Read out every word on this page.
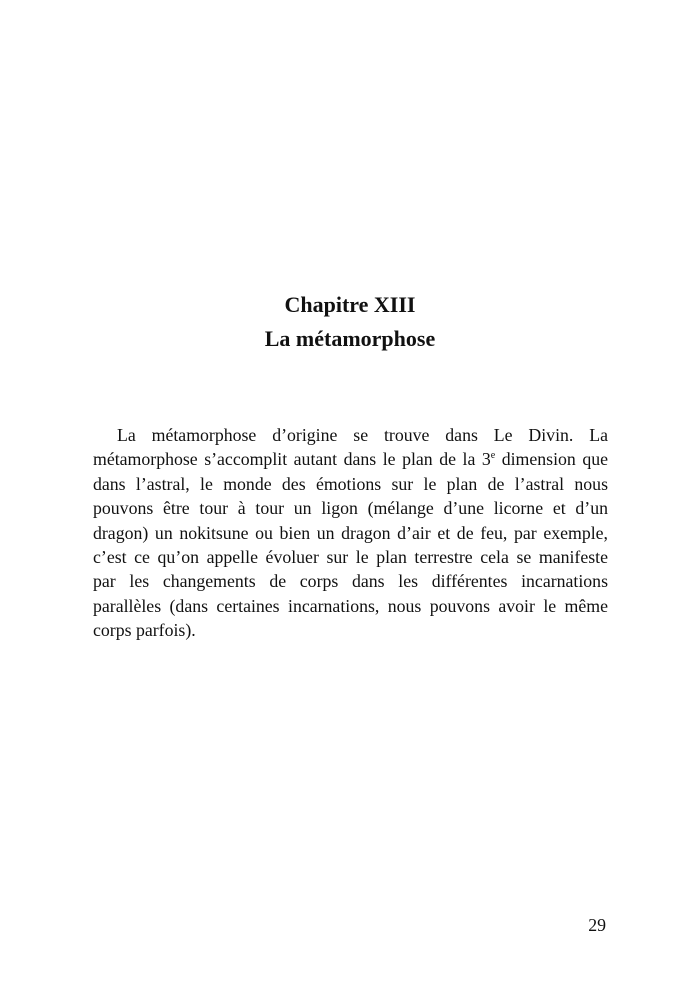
Chapitre XIII
La métamorphose
La métamorphose d’origine se trouve dans Le Divin. La
métamorphose s’accomplit autant dans le plan de la 3e dimension que
dans l’astral, le monde des émotions sur le plan de l’astral nous
pouvons être tour à tour un ligon (mélange d’une licorne et d’un
dragon) un nokitsune ou bien un dragon d’air et de feu, par exemple,
c’est ce qu’on appelle évoluer sur le plan terrestre cela se manifeste
par les changements de corps dans les différentes incarnations
parallèles (dans certaines incarnations, nous pouvons avoir le même
corps parfois).
29
